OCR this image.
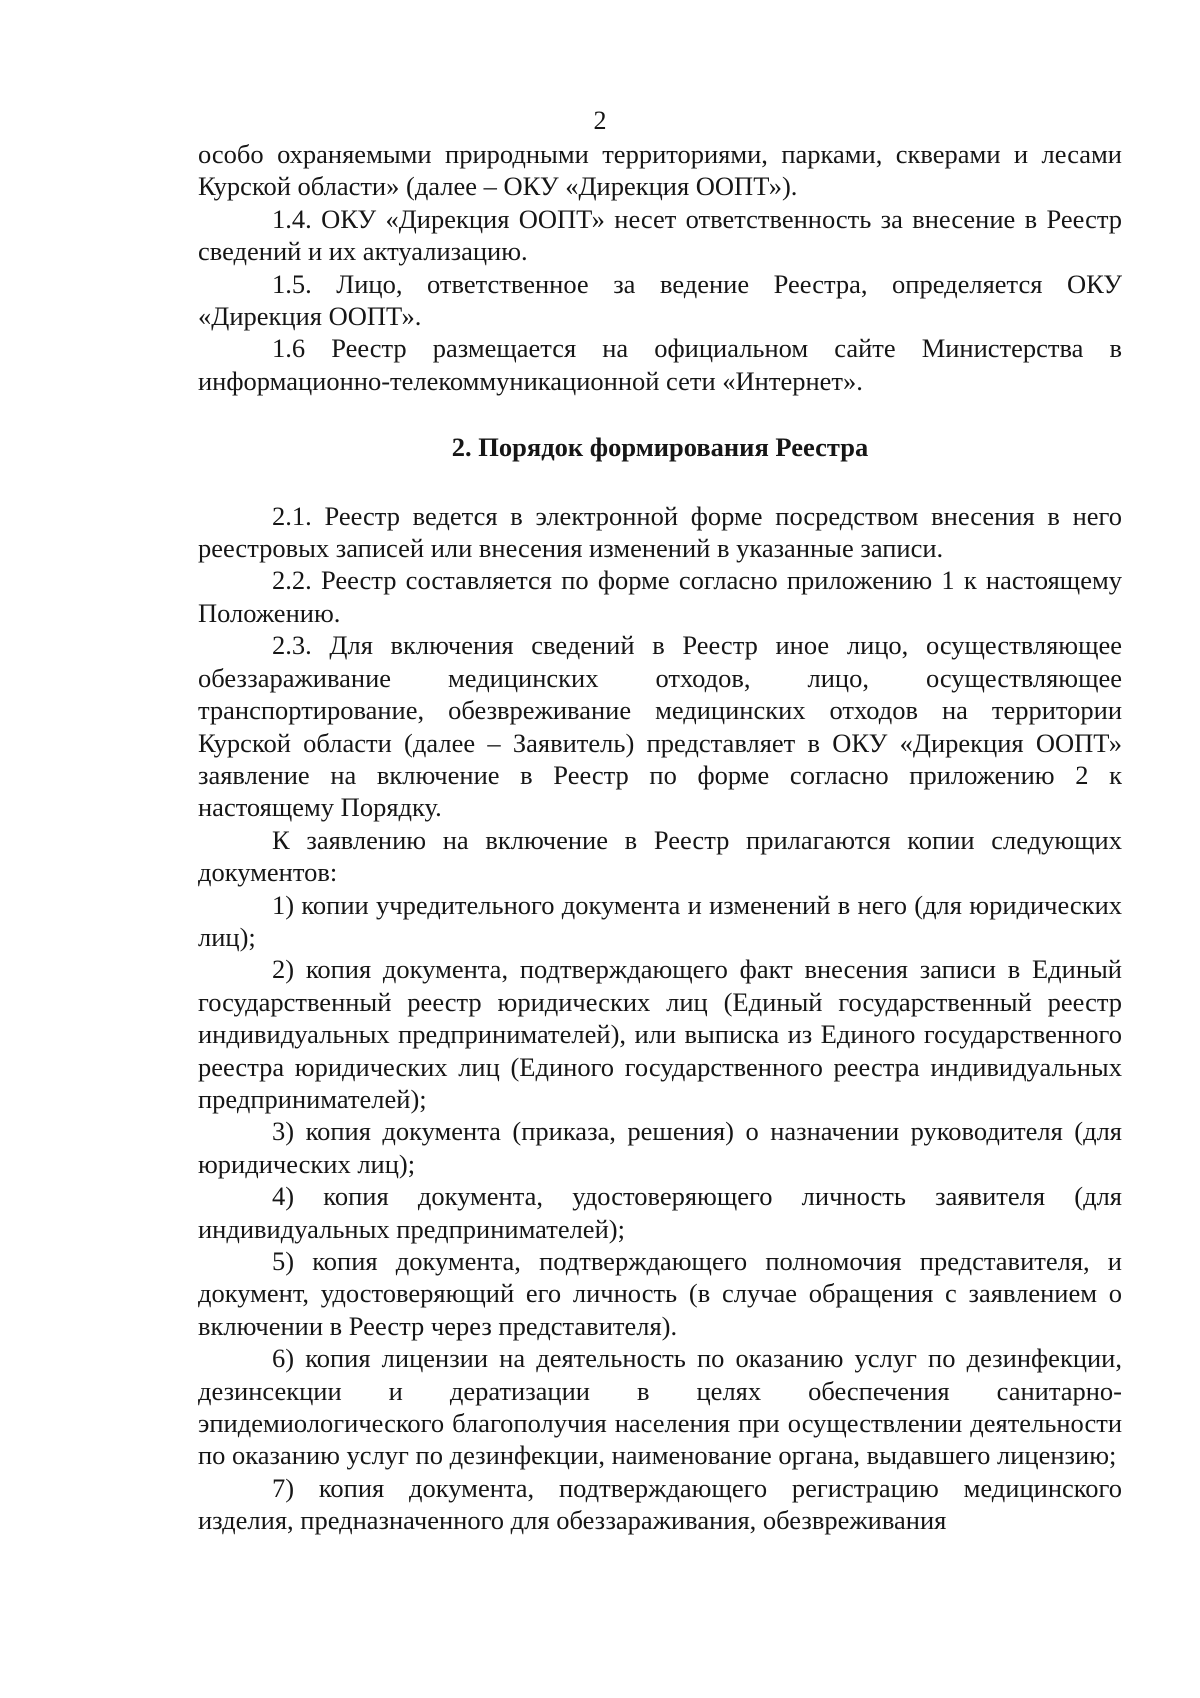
2

особо охраняемыми природными территориями, парками, скверами и лесами Курской области» (далее – ОКУ «Дирекция ООПТ»).

1.4. ОКУ «Дирекция ООПТ» несет ответственность за внесение в Реестр сведений и их актуализацию.

1.5. Лицо, ответственное за ведение Реестра, определяется ОКУ «Дирекция ООПТ».

1.6 Реестр размещается на официальном сайте Министерства в информационно-телекоммуникационной сети «Интернет».

2. Порядок формирования Реестра

2.1. Реестр ведется в электронной форме посредством внесения в него реестровых записей или внесения изменений в указанные записи.

2.2. Реестр составляется по форме согласно приложению 1 к настоящему Положению.

2.3. Для включения сведений в Реестр иное лицо, осуществляющее обеззараживание медицинских отходов, лицо, осуществляющее транспортирование, обезвреживание медицинских отходов на территории Курской области (далее – Заявитель) представляет в ОКУ «Дирекция ООПТ» заявление на включение в Реестр по форме согласно приложению 2 к настоящему Порядку.

К заявлению на включение в Реестр прилагаются копии следующих документов:

1) копии учредительного документа и изменений в него (для юридических лиц);

2) копия документа, подтверждающего факт внесения записи в Единый государственный реестр юридических лиц (Единый государственный реестр индивидуальных предпринимателей), или выписка из Единого государственного реестра юридических лиц (Единого государственного реестра индивидуальных предпринимателей);

3) копия документа (приказа, решения) о назначении руководителя (для юридических лиц);

4) копия документа, удостоверяющего личность заявителя (для индивидуальных предпринимателей);

5) копия документа, подтверждающего полномочия представителя, и документ, удостоверяющий его личность (в случае обращения с заявлением о включении в Реестр через представителя).

6) копия лицензии на деятельность по оказанию услуг по дезинфекции, дезинсекции и дератизации в целях обеспечения санитарно-эпидемиологического благополучия населения при осуществлении деятельности по оказанию услуг по дезинфекции, наименование органа, выдавшего лицензию;

7) копия документа, подтверждающего регистрацию медицинского изделия, предназначенного для обеззараживания, обезвреживания
